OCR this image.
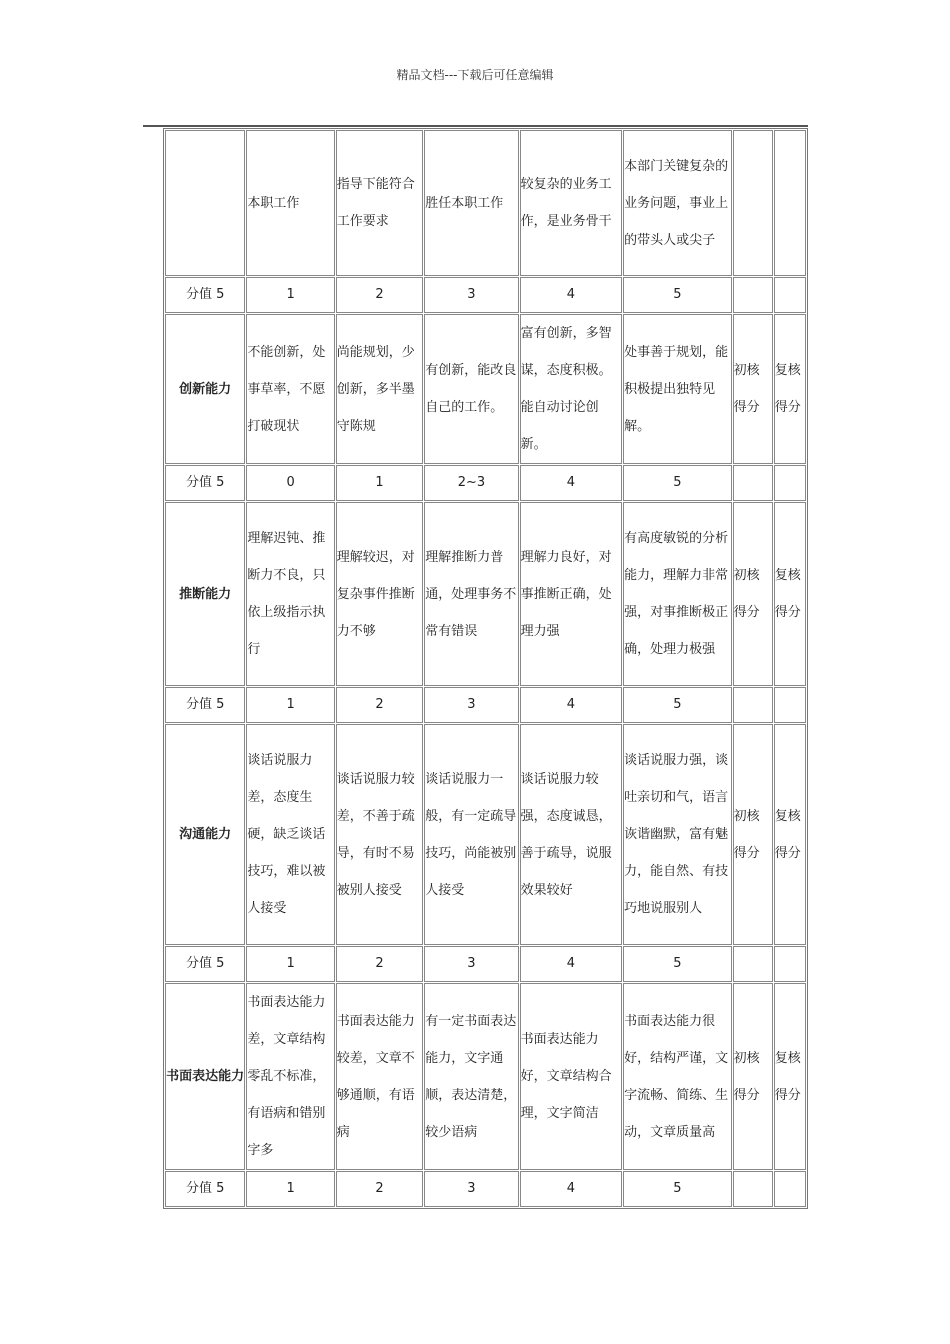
精品文档---下载后可任意编辑
	本职工作	指导下能符合工作要求	胜任本职工作	较复杂的业务工作，是业务骨干	本部门关键复杂的业务问题，事业上的带头人或尖子		
分值 5	1	2	3	4	5		
创新能力	不能创新，处事草率，不愿打破现状	尚能规划，少创新，多半墨守陈规	有创新，能改良自己的工作。	富有创新，多智谋，态度积极。能自动讨论创新。	处事善于规划，能积极提出独特见解。	初核得分	复核得分
分值 5	0	1	2~3	4	5		
推断能力	理解迟钝、推断力不良，只依上级指示执行	理解较迟，对复杂事件推断力不够	理解推断力普通，处理事务不常有错误	理解力良好，对事推断正确，处理力强	有高度敏锐的分析能力，理解力非常强，对事推断极正确，处理力极强	初核得分	复核得分
分值 5	1	2	3	4	5		
沟通能力	谈话说服力差，态度生硬，缺乏谈话技巧，难以被人接受	谈话说服力较差，不善于疏导，有时不易被别人接受	谈话说服力一般，有一定疏导技巧，尚能被别人接受	谈话说服力较强，态度诚恳，善于疏导，说服效果较好	谈话说服力强，谈吐亲切和气，语言诙谐幽默，富有魅力，能自然、有技巧地说服别人	初核得分	复核得分
分值 5	1	2	3	4	5		
书面表达能力	书面表达能力差，文章结构零乱不标准，有语病和错别字多	书面表达能力较差，文章不够通顺，有语病	有一定书面表达能力，文字通顺，表达清楚，较少语病	书面表达能力好，文章结构合理，文字简洁	书面表达能力很好，结构严谨，文字流畅、简练、生动，文章质量高	初核得分	复核得分
分值 5	1	2	3	4	5		
